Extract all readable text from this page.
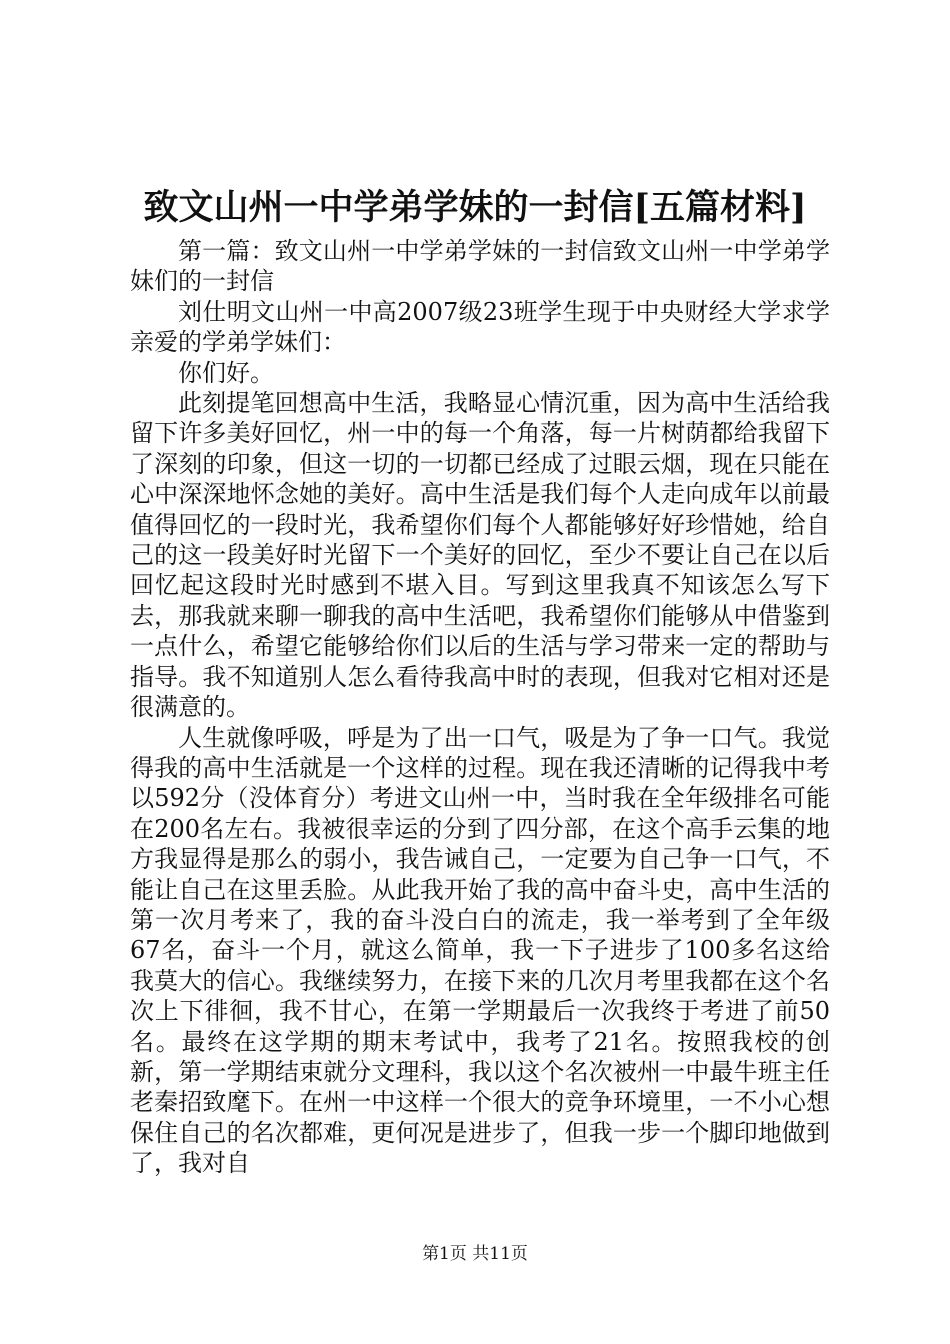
致文山州一中学弟学妹的一封信[五篇材料]

第一篇：致文山州一中学弟学妹的一封信致文山州一中学弟学妹们的一封信

刘仕明文山州一中高2007级23班学生现于中央财经大学求学亲爱的学弟学妹们：

你们好。

此刻提笔回想高中生活，我略显心情沉重，因为高中生活给我留下许多美好回忆，州一中的每一个角落，每一片树荫都给我留下了深刻的印象，但这一切的一切都已经成了过眼云烟，现在只能在心中深深地怀念她的美好。高中生活是我们每个人走向成年以前最值得回忆的一段时光，我希望你们每个人都能够好好珍惜她，给自己的这一段美好时光留下一个美好的回忆，至少不要让自己在以后回忆起这段时光时感到不堪入目。写到这里我真不知该怎么写下去，那我就来聊一聊我的高中生活吧，我希望你们能够从中借鉴到一点什么，希望它能够给你们以后的生活与学习带来一定的帮助与指导。我不知道别人怎么看待我高中时的表现，但我对它相对还是很满意的。

人生就像呼吸，呼是为了出一口气，吸是为了争一口气。我觉得我的高中生活就是一个这样的过程。现在我还清晰的记得我中考以592分（没体育分）考进文山州一中，当时我在全年级排名可能在200名左右。我被很幸运的分到了四分部，在这个高手云集的地方我显得是那么的弱小，我告诫自己，一定要为自己争一口气，不能让自己在这里丢脸。从此我开始了我的高中奋斗史，高中生活的第一次月考来了，我的奋斗没白白的流走，我一举考到了全年级67名，奋斗一个月，就这么简单，我一下子进步了100多名这给我莫大的信心。我继续努力，在接下来的几次月考里我都在这个名次上下徘徊，我不甘心，在第一学期最后一次我终于考进了前50名。最终在这学期的期末考试中，我考了21名。按照我校的创新，第一学期结束就分文理科，我以这个名次被州一中最牛班主任老秦招致麾下。在州一中这样一个很大的竞争环境里，一不小心想保住自己的名次都难，更何况是进步了，但我一步一个脚印地做到了，我对自

第1页 共11页
